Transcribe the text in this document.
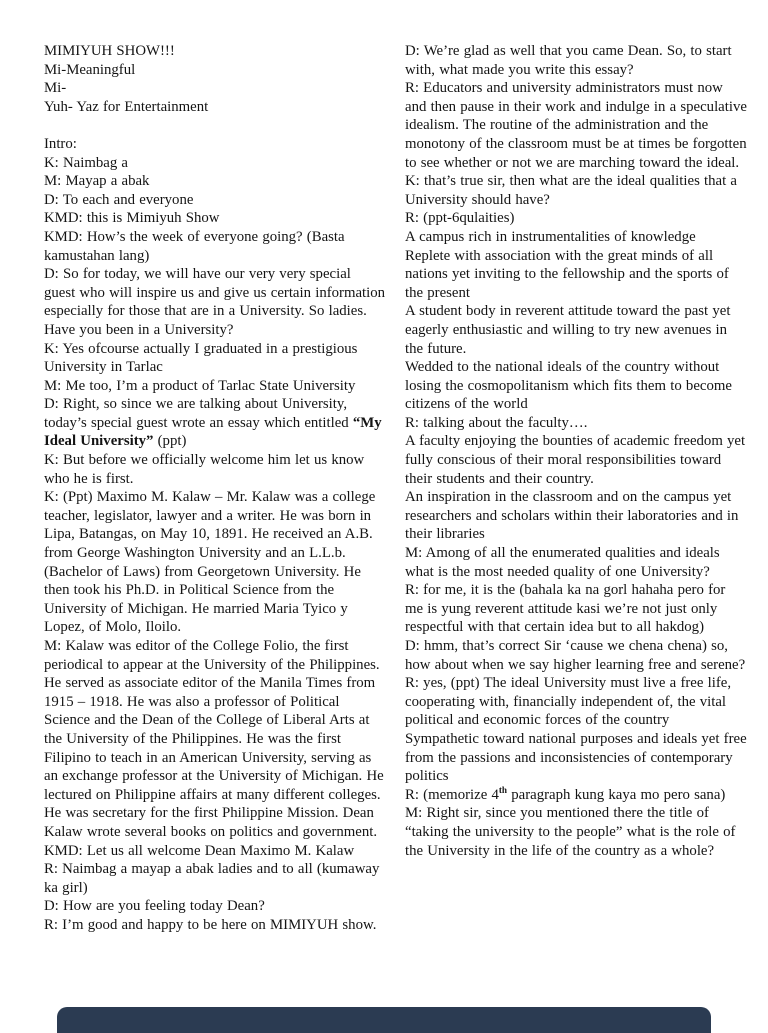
MIMIYUH SHOW!!!

Mi-Meaningful

Mi-

Yuh- Yaz for Entertainment

Intro:

K: Naimbag a

M: Mayap a abak

D: To each and everyone

KMD: this is Mimiyuh Show

KMD: How’s the week of everyone going? (Basta kamustahan lang)

D: So for today, we will have our very very special guest who will inspire us and give us certain information especially for those that are in a University. So ladies. Have you been in a University?

K: Yes ofcourse actually I graduated in a prestigious University in Tarlac

M: Me too, I’m a product of Tarlac State University

D: Right, so since we are talking about University, today’s special guest wrote an essay which entitled “My Ideal University” (ppt)

K: But before we officially welcome him let us know who he is first.

K: (Ppt) Maximo M. Kalaw – Mr. Kalaw was a college teacher, legislator, lawyer and a writer. He was born in Lipa, Batangas, on May 10, 1891. He received an A.B. from George Washington University and an L.L.b. (Bachelor of Laws) from Georgetown University. He then took his Ph.D. in Political Science from the University of Michigan. He married Maria Tyico y Lopez, of Molo, Iloilo.

M: Kalaw was editor of the College Folio, the first periodical to appear at the University of the Philippines. He served as associate editor of the Manila Times from 1915 – 1918. He was also a professor of Political Science and the Dean of the College of Liberal Arts at the University of the Philippines. He was the first Filipino to teach in an American University, serving as an exchange professor at the University of Michigan. He lectured on Philippine affairs at many different colleges. He was secretary for the first Philippine Mission. Dean Kalaw wrote several books on politics and government.

KMD: Let us all welcome Dean Maximo M. Kalaw

R: Naimbag a mayap a abak ladies and to all (kumaway ka girl)

D: How are you feeling today Dean?

R: I’m good and happy to be here on MIMIYUH show.

D: We’re glad as well that you came Dean. So, to start with, what made you write this essay?

R: Educators and university administrators must now and then pause in their work and indulge in a speculative idealism. The routine of the administration and the monotony of the classroom must be at times be forgotten to see whether or not we are marching toward the ideal.

K: that’s true sir, then what are the ideal qualities that a University should have?

R: (ppt-6qulaities)

A campus rich in instrumentalities of knowledge

Replete with association with the great minds of all nations yet inviting to the fellowship and the sports of the present

A student body in reverent attitude toward the past yet eagerly enthusiastic and willing to try new avenues in the future.

Wedded to the national ideals of the country without losing the cosmopolitanism which fits them to become citizens of the world

R: talking about the faculty….

A faculty enjoying the bounties of academic freedom yet fully conscious of their moral responsibilities toward their students and their country.

An inspiration in the classroom and on the campus yet researchers and scholars within their laboratories and in their libraries

M: Among of all the enumerated qualities and ideals what is the most needed quality of one University?

R: for me, it is the (bahala ka na gorl hahaha pero for me is yung reverent attitude kasi we’re not just only respectful with that certain idea but to all hakdog)

D: hmm, that’s correct Sir ‘cause we chena chena) so, how about when we say higher learning free and serene?

R: yes, (ppt) The ideal University must live a free life, cooperating with, financially independent of, the vital political and economic forces of the country

Sympathetic toward national purposes and ideals yet free from the passions and inconsistencies of contemporary politics

R: (memorize 4th paragraph kung kaya mo pero sana)

M: Right sir, since you mentioned there the title of “taking the university to the people” what is the role of the University in the life of the country as a whole?
